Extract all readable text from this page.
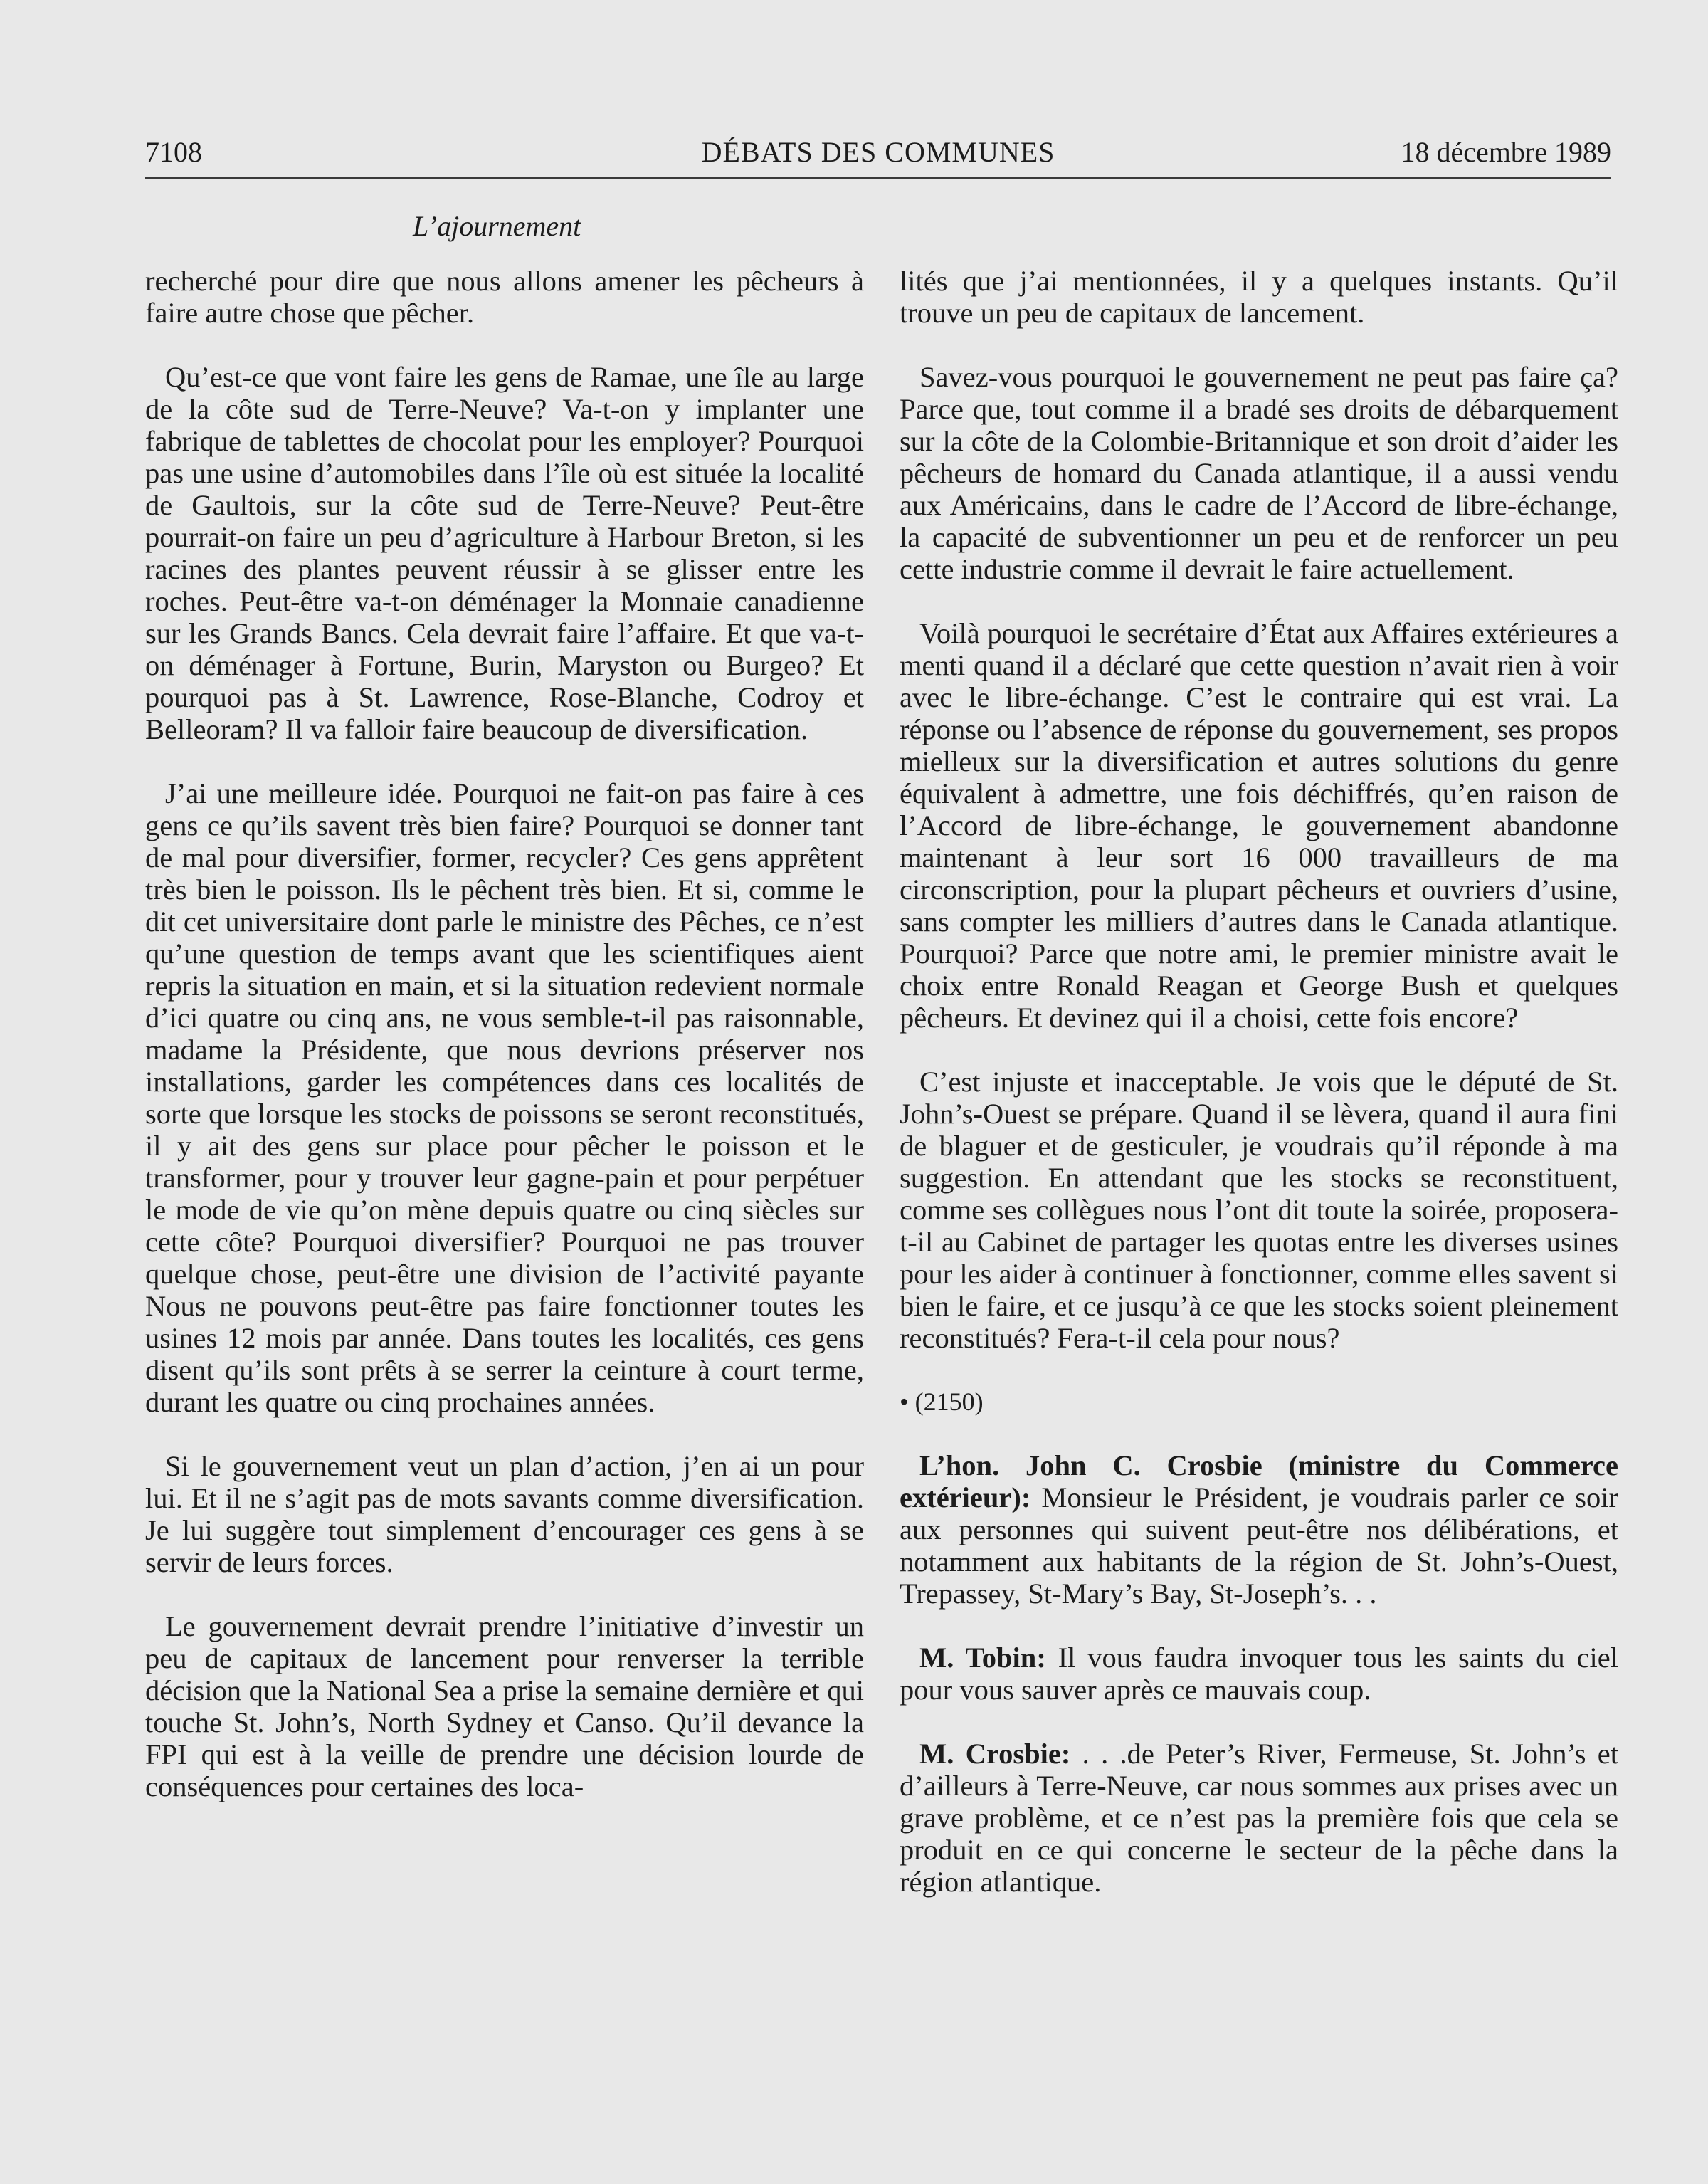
7108	DÉBATS DES COMMUNES	18 décembre 1989
L’ajournement

recherché pour dire que nous allons amener les pêcheurs à faire autre chose que pêcher.

Qu’est-ce que vont faire les gens de Ramae, une île au large de la côte sud de Terre-Neuve? Va-t-on y implanter une fabrique de tablettes de chocolat pour les employer? Pourquoi pas une usine d’automobiles dans l’île où est située la localité de Gaultois, sur la côte sud de Terre-Neuve? Peut-être pourrait-on faire un peu d’agriculture à Harbour Breton, si les racines des plantes peuvent réussir à se glisser entre les roches. Peut-être va-t-on déménager la Monnaie canadienne sur les Grands Bancs. Cela devrait faire l’affaire. Et que va-t-on déménager à Fortune, Burin, Maryston ou Burgeo? Et pourquoi pas à St. Lawrence, Rose-Blanche, Codroy et Belleoram? Il va falloir faire beaucoup de diversification.

J’ai une meilleure idée. Pourquoi ne fait-on pas faire à ces gens ce qu’ils savent très bien faire? Pourquoi se donner tant de mal pour diversifier, former, recycler? Ces gens apprêtent très bien le poisson. Ils le pêchent très bien. Et si, comme le dit cet universitaire dont parle le ministre des Pêches, ce n’est qu’une question de temps avant que les scientifiques aient repris la situation en main, et si la situation redevient normale d’ici quatre ou cinq ans, ne vous semble-t-il pas raisonnable, madame la Présidente, que nous devrions préserver nos installations, garder les compétences dans ces localités de sorte que lorsque les stocks de poissons se seront reconstitués, il y ait des gens sur place pour pêcher le poisson et le transformer, pour y trouver leur gagne-pain et pour perpétuer le mode de vie qu’on mène depuis quatre ou cinq siècles sur cette côte? Pourquoi diversifier? Pourquoi ne pas trouver quelque chose, peut-être une division de l’activité payante Nous ne pouvons peut-être pas faire fonctionner toutes les usines 12 mois par année. Dans toutes les localités, ces gens disent qu’ils sont prêts à se serrer la ceinture à court terme, durant les quatre ou cinq prochaines années.

Si le gouvernement veut un plan d’action, j’en ai un pour lui. Et il ne s’agit pas de mots savants comme diversification. Je lui suggère tout simplement d’encourager ces gens à se servir de leurs forces.

Le gouvernement devrait prendre l’initiative d’investir un peu de capitaux de lancement pour renverser la terrible décision que la National Sea a prise la semaine dernière et qui touche St. John’s, North Sydney et Canso. Qu’il devance la FPI qui est à la veille de prendre une décision lourde de conséquences pour certaines des loca-

lités que j’ai mentionnées, il y a quelques instants. Qu’il trouve un peu de capitaux de lancement.

Savez-vous pourquoi le gouvernement ne peut pas faire ça? Parce que, tout comme il a bradé ses droits de débarquement sur la côte de la Colombie-Britannique et son droit d’aider les pêcheurs de homard du Canada atlantique, il a aussi vendu aux Américains, dans le cadre de l’Accord de libre-échange, la capacité de subventionner un peu et de renforcer un peu cette industrie comme il devrait le faire actuellement.

Voilà pourquoi le secrétaire d’État aux Affaires extérieures a menti quand il a déclaré que cette question n’avait rien à voir avec le libre-échange. C’est le contraire qui est vrai. La réponse ou l’absence de réponse du gouvernement, ses propos mielleux sur la diversification et autres solutions du genre équivalent à admettre, une fois déchiffrés, qu’en raison de l’Accord de libre-échange, le gouvernement abandonne maintenant à leur sort 16 000 travailleurs de ma circonscription, pour la plupart pêcheurs et ouvriers d’usine, sans compter les milliers d’autres dans le Canada atlantique. Pourquoi? Parce que notre ami, le premier ministre avait le choix entre Ronald Reagan et George Bush et quelques pêcheurs. Et devinez qui il a choisi, cette fois encore?

C’est injuste et inacceptable. Je vois que le député de St. John’s-Ouest se prépare. Quand il se lèvera, quand il aura fini de blaguer et de gesticuler, je voudrais qu’il réponde à ma suggestion. En attendant que les stocks se reconstituent, comme ses collègues nous l’ont dit toute la soirée, proposera-t-il au Cabinet de partager les quotas entre les diverses usines pour les aider à continuer à fonctionner, comme elles savent si bien le faire, et ce jusqu’à ce que les stocks soient pleinement reconstitués? Fera-t-il cela pour nous?

• (2150)

L’hon. John C. Crosbie (ministre du Commerce extérieur): Monsieur le Président, je voudrais parler ce soir aux personnes qui suivent peut-être nos délibérations, et notamment aux habitants de la région de St. John’s-Ouest, Trepassey, St-Mary’s Bay, St-Joseph’s. . .

M. Tobin: Il vous faudra invoquer tous les saints du ciel pour vous sauver après ce mauvais coup.

M. Crosbie: . . .de Peter’s River, Fermeuse, St. John’s et d’ailleurs à Terre-Neuve, car nous sommes aux prises avec un grave problème, et ce n’est pas la première fois que cela se produit en ce qui concerne le secteur de la pêche dans la région atlantique.
